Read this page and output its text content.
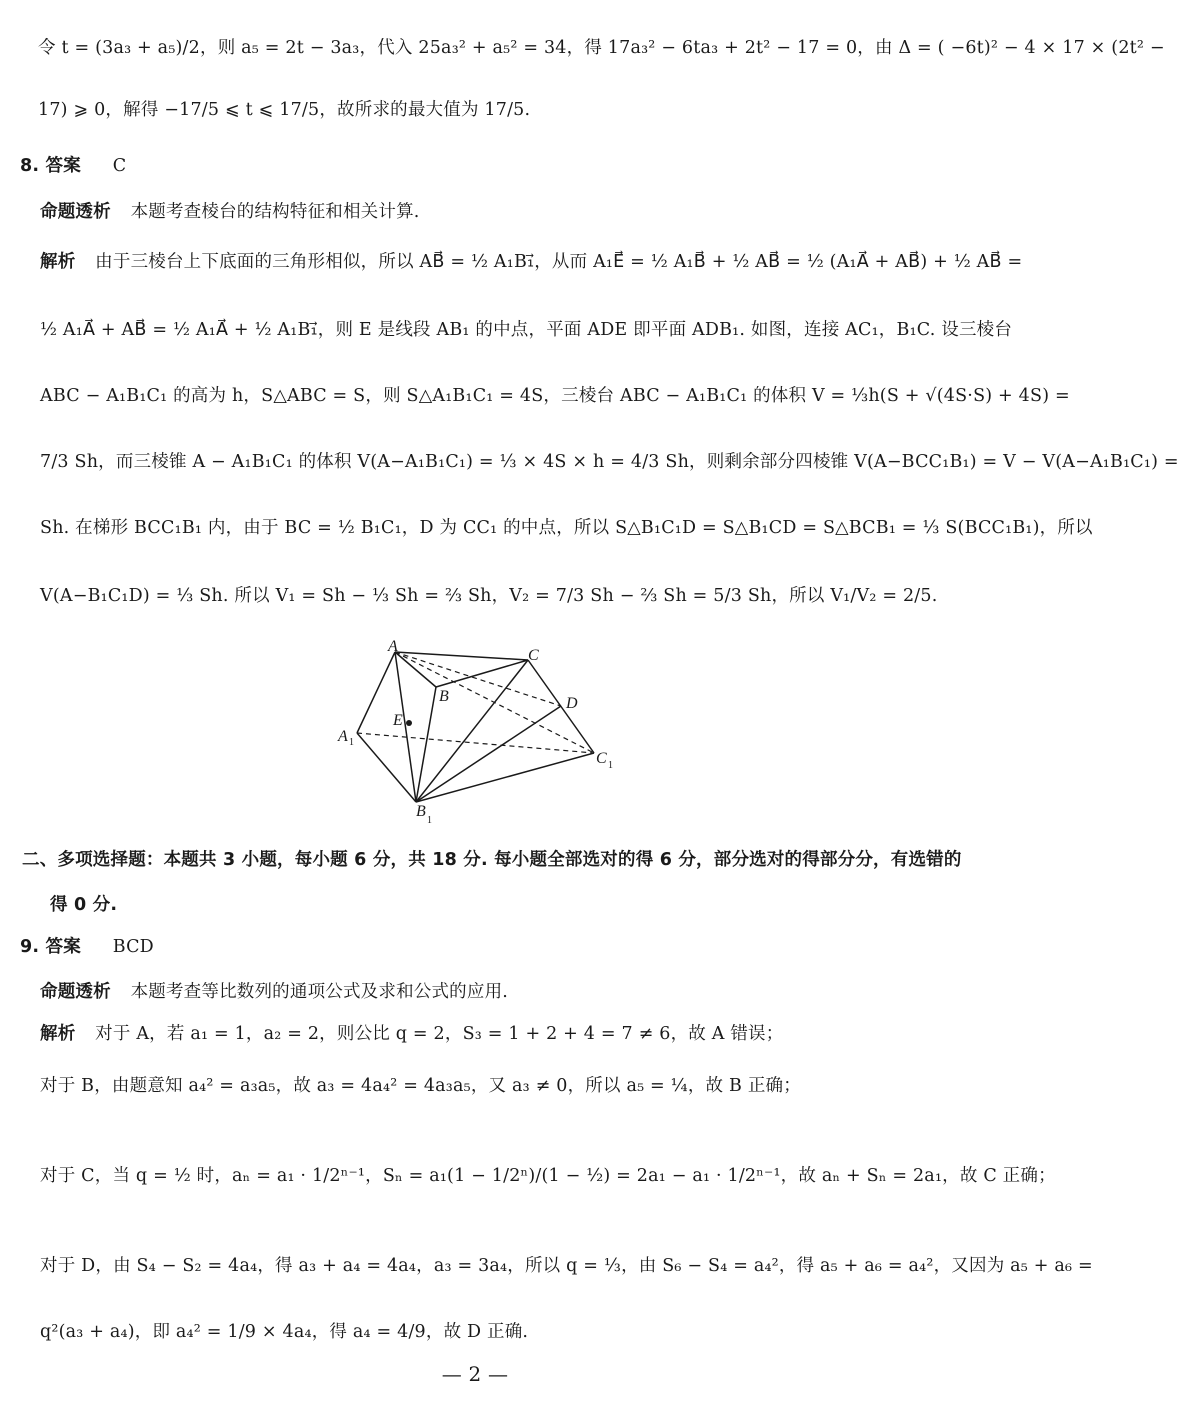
令 t = (3a₃ + a₅)/2，则 a₅ = 2t − 3a₃，代入 25a₃² + a₅² = 34，得 17a₃² − 6ta₃ + 2t² − 17 = 0，由 Δ = ( −6t)² − 4 × 17 × (2t² −
17) ⩾ 0，解得 −17/5 ⩽ t ⩽ 17/5，故所求的最大值为 17/5.
8. 答案 C
命题透析 本题考查棱台的结构特征和相关计算.
解析 由于三棱台上下底面的三角形相似，所以 AB⃗ = ½ A₁B₁⃗，从而 A₁E⃗ = ½ A₁B⃗ + ½ AB⃗ = ½ (A₁A⃗ + AB⃗) + ½ AB⃗ =
½ A₁A⃗ + AB⃗ = ½ A₁A⃗ + ½ A₁B₁⃗，则 E 是线段 AB₁ 的中点，平面 ADE 即平面 ADB₁. 如图，连接 AC₁，B₁C. 设三棱台
ABC − A₁B₁C₁ 的高为 h，S△ABC = S，则 S△A₁B₁C₁ = 4S，三棱台 ABC − A₁B₁C₁ 的体积 V = ⅓h(S + √(4S·S) + 4S) =
7/3 Sh，而三棱锥 A − A₁B₁C₁ 的体积 V(A−A₁B₁C₁) = ⅓ × 4S × h = 4/3 Sh，则剩余部分四棱锥 V(A−BCC₁B₁) = V − V(A−A₁B₁C₁) =
Sh. 在梯形 BCC₁B₁ 内，由于 BC = ½ B₁C₁，D 为 CC₁ 的中点，所以 S△B₁C₁D = S△B₁CD = S△BCB₁ = ⅓ S(BCC₁B₁)，所以
V(A−B₁C₁D) = ⅓ Sh. 所以 V₁ = Sh − ⅓ Sh = ⅔ Sh，V₂ = 7/3 Sh − ⅔ Sh = 5/3 Sh，所以 V₁/V₂ = 2/5.
A
B
C
D
E
A 1
B
1
C 1
二、多项选择题：本题共 3 小题，每小题 6 分，共 18 分. 每小题全部选对的得 6 分，部分选对的得部分分，有选错的
得 0 分.
9. 答案 BCD
命题透析 本题考查等比数列的通项公式及求和公式的应用.
解析 对于 A，若 a₁ = 1，a₂ = 2，则公比 q = 2，S₃ = 1 + 2 + 4 = 7 ≠ 6，故 A 错误；
对于 B，由题意知 a₄² = a₃a₅，故 a₃ = 4a₄² = 4a₃a₅，又 a₃ ≠ 0，所以 a₅ = ¼，故 B 正确；
对于 C，当 q = ½ 时，aₙ = a₁ · 1/2ⁿ⁻¹，Sₙ = a₁(1 − 1/2ⁿ)/(1 − ½) = 2a₁ − a₁ · 1/2ⁿ⁻¹，故 aₙ + Sₙ = 2a₁，故 C 正确；
对于 D，由 S₄ − S₂ = 4a₄，得 a₃ + a₄ = 4a₄，a₃ = 3a₄，所以 q = ⅓，由 S₆ − S₄ = a₄²，得 a₅ + a₆ = a₄²，又因为 a₅ + a₆ =
q²(a₃ + a₄)，即 a₄² = 1/9 × 4a₄，得 a₄ = 4/9，故 D 正确.
— 2 —
